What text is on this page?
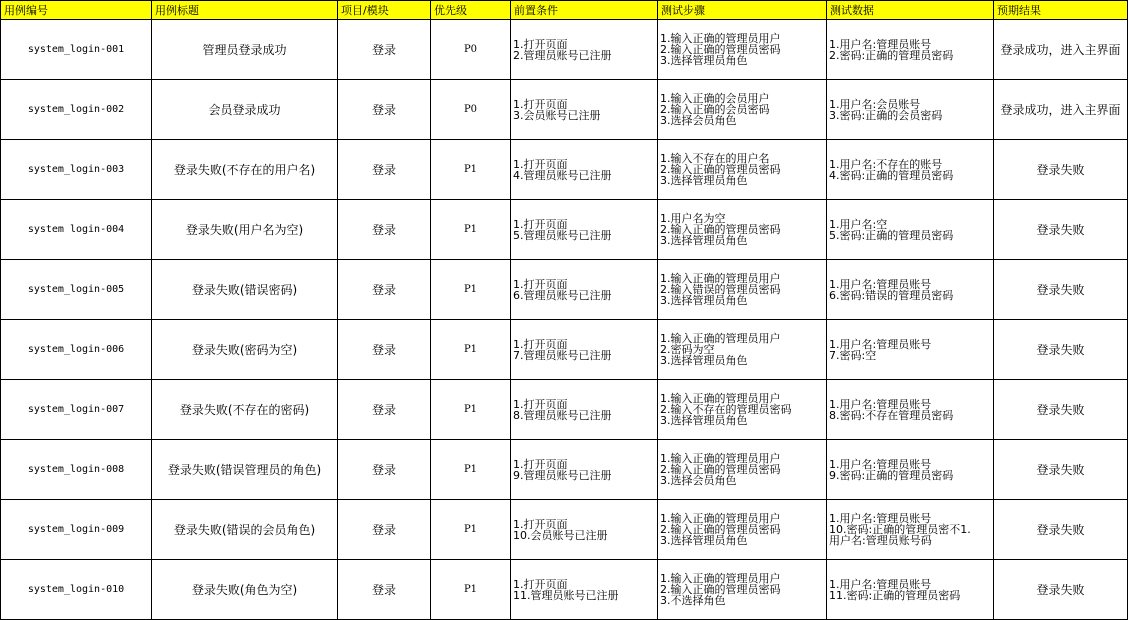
用例编号	用例标题	项目/模块	优先级	前置条件	测试步骤	测试数据	预期结果
system_login-001	管理员登录成功	登录	P0	1.打开页面
2.管理员账号已注册	1.输入正确的管理员用户
2.输入正确的管理员密码
3.选择管理员角色	1.用户名:管理员账号
2.密码:正确的管理员密码	登录成功，进入主界面
system_login-002	会员登录成功	登录	P0	1.打开页面
3.会员账号已注册	1.输入正确的会员用户
2.输入正确的会员密码
3.选择会员角色	1.用户名:会员账号
3.密码:正确的会员密码	登录成功，进入主界面
system_login-003	登录失败(不存在的用户名)	登录	P1	1.打开页面
4.管理员账号已注册	1.输入不存在的用户名
2.输入正确的管理员密码
3.选择管理员角色	1.用户名:不存在的账号
4.密码:正确的管理员密码	登录失败
system login-004	登录失败(用户名为空)	登录	P1	1.打开页面
5.管理员账号已注册	1.用户名为空
2.输入正确的管理员密码
3.选择管理员角色	1.用户名:空
5.密码:正确的管理员密码	登录失败
system_login-005	登录失败(错误密码)	登录	P1	1.打开页面
6.管理员账号已注册	1.输入正确的管理员用户
2.输入错误的管理员密码
3.选择管理员角色	1.用户名:管理员账号
6.密码:错误的管理员密码	登录失败
system_login-006	登录失败(密码为空)	登录	P1	1.打开页面
7.管理员账号已注册	1.输入正确的管理员用户
2.密码为空
3.选择管理员角色	1.用户名:管理员账号
7.密码:空	登录失败
system_login-007	登录失败(不存在的密码)	登录	P1	1.打开页面
8.管理员账号已注册	1.输入正确的管理员用户
2.输入不存在的管理员密码
3.选择管理员角色	1.用户名:管理员账号
8.密码:不存在管理员密码	登录失败
system_login-008	登录失败(错误管理员的角色)	登录	P1	1.打开页面
9.管理员账号已注册	1.输入正确的管理员用户
2.输入正确的管理员密码
3.选择会员角色	1.用户名:管理员账号
9.密码:正确的管理员密码	登录失败
system_login-009	登录失败(错误的会员角色)	登录	P1	1.打开页面
10.会员账号已注册	1.输入正确的管理员用户
2.输入正确的管理员密码
3.选择管理员角色	1.用户名:管理员账号
10.密码:正确的管理员密不1.
用户名:管理员账号码	登录失败
system_login-010	登录失败(角色为空)	登录	P1	1.打开页面
11.管理员账号已注册	1.输入正确的管理员用户
2.输入正确的管理员密码
3.不选择角色	1.用户名:管理员账号
11.密码:正确的管理员密码	登录失败
